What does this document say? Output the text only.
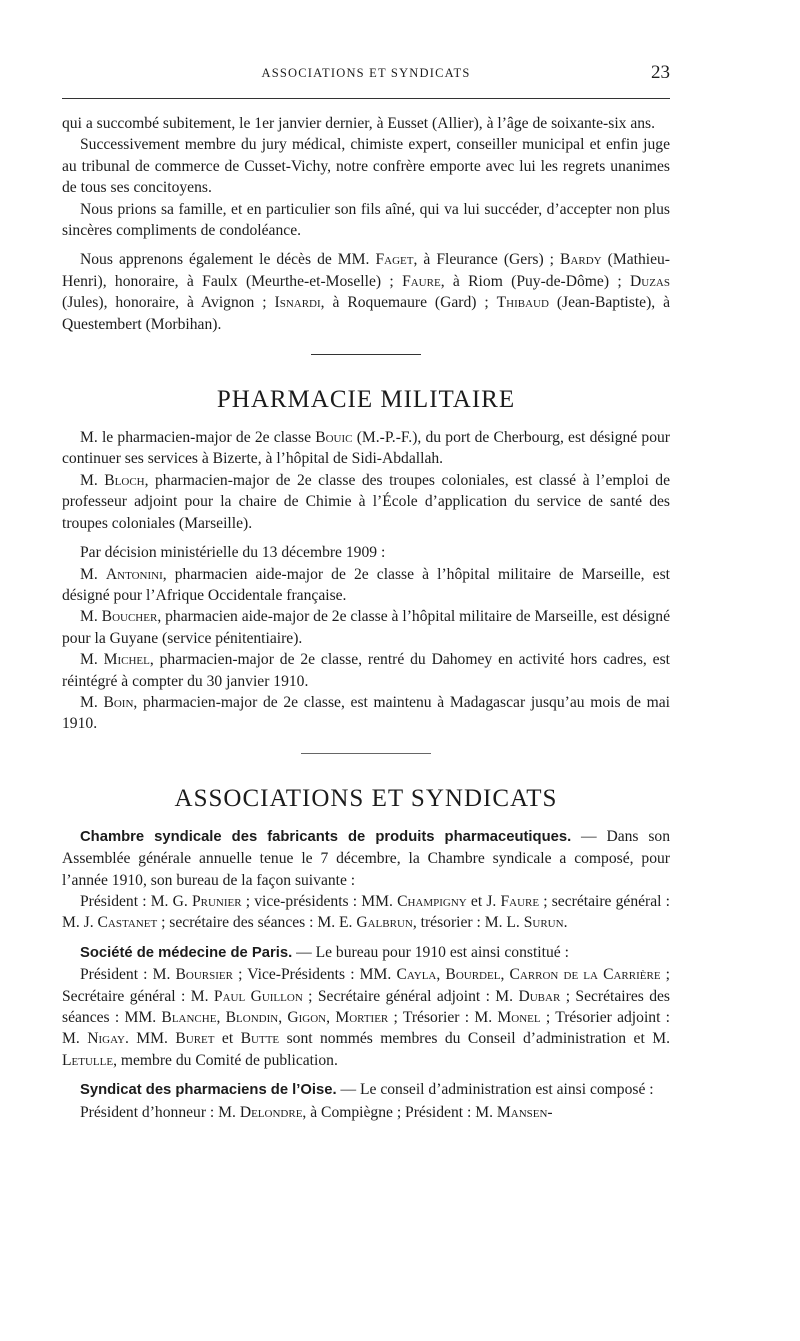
ASSOCIATIONS ET SYNDICATS	23

qui a succombé subitement, le 1er janvier dernier, à Eusset (Allier), à l’âge de soixante-six ans.

Successivement membre du jury médical, chimiste expert, conseiller municipal et enfin juge au tribunal de commerce de Cusset-Vichy, notre confrère emporte avec lui les regrets unanimes de tous ses concitoyens.

Nous prions sa famille, et en particulier son fils aîné, qui va lui succéder, d’accepter non plus sincères compliments de condoléance.

Nous apprenons également le décès de MM. Faget, à Fleurance (Gers) ; Bardy (Mathieu-Henri), honoraire, à Faulx (Meurthe-et-Moselle) ; Faure, à Riom (Puy-de-Dôme) ; Duzas (Jules), honoraire, à Avignon ; Isnardi, à Roquemaure (Gard) ; Thibaud (Jean-Baptiste), à Questembert (Morbihan).

PHARMACIE MILITAIRE

M. le pharmacien-major de 2e classe Bouic (M.-P.-F.), du port de Cherbourg, est désigné pour continuer ses services à Bizerte, à l’hôpital de Sidi-Abdallah.

M. Bloch, pharmacien-major de 2e classe des troupes coloniales, est classé à l’emploi de professeur adjoint pour la chaire de Chimie à l’École d’application du service de santé des troupes coloniales (Marseille).

Par décision ministérielle du 13 décembre 1909 :

M. Antonini, pharmacien aide-major de 2e classe à l’hôpital militaire de Marseille, est désigné pour l’Afrique Occidentale française.

M. Boucher, pharmacien aide-major de 2e classe à l’hôpital militaire de Marseille, est désigné pour la Guyane (service pénitentiaire).

M. Michel, pharmacien-major de 2e classe, rentré du Dahomey en activité hors cadres, est réintégré à compter du 30 janvier 1910.

M. Boin, pharmacien-major de 2e classe, est maintenu à Madagascar jusqu’au mois de mai 1910.

ASSOCIATIONS ET SYNDICATS

Chambre syndicale des fabricants de produits pharmaceutiques. — Dans son Assemblée générale annuelle tenue le 7 décembre, la Chambre syndicale a composé, pour l’année 1910, son bureau de la façon suivante :

Président : M. G. Prunier ; vice-présidents : MM. Champigny et J. Faure ; secrétaire général : M. J. Castanet ; secrétaire des séances : M. E. Galbrun, trésorier : M. L. Surun.

Société de médecine de Paris. — Le bureau pour 1910 est ainsi constitué :

Président : M. Boursier ; Vice-Présidents : MM. Cayla, Bourdel, Carron de la Carrière ; Secrétaire général : M. Paul Guillon ; Secrétaire général adjoint : M. Dubar ; Secrétaires des séances : MM. Blanche, Blondin, Gigon, Mortier ; Trésorier : M. Monel ; Trésorier adjoint : M. Nigay. MM. Buret et Butte sont nommés membres du Conseil d’administration et M. Letulle, membre du Comité de publication.

Syndicat des pharmaciens de l’Oise. — Le conseil d’administration est ainsi composé :

Président d’honneur : M. Delondre, à Compiègne ; Président : M. Mansen-
